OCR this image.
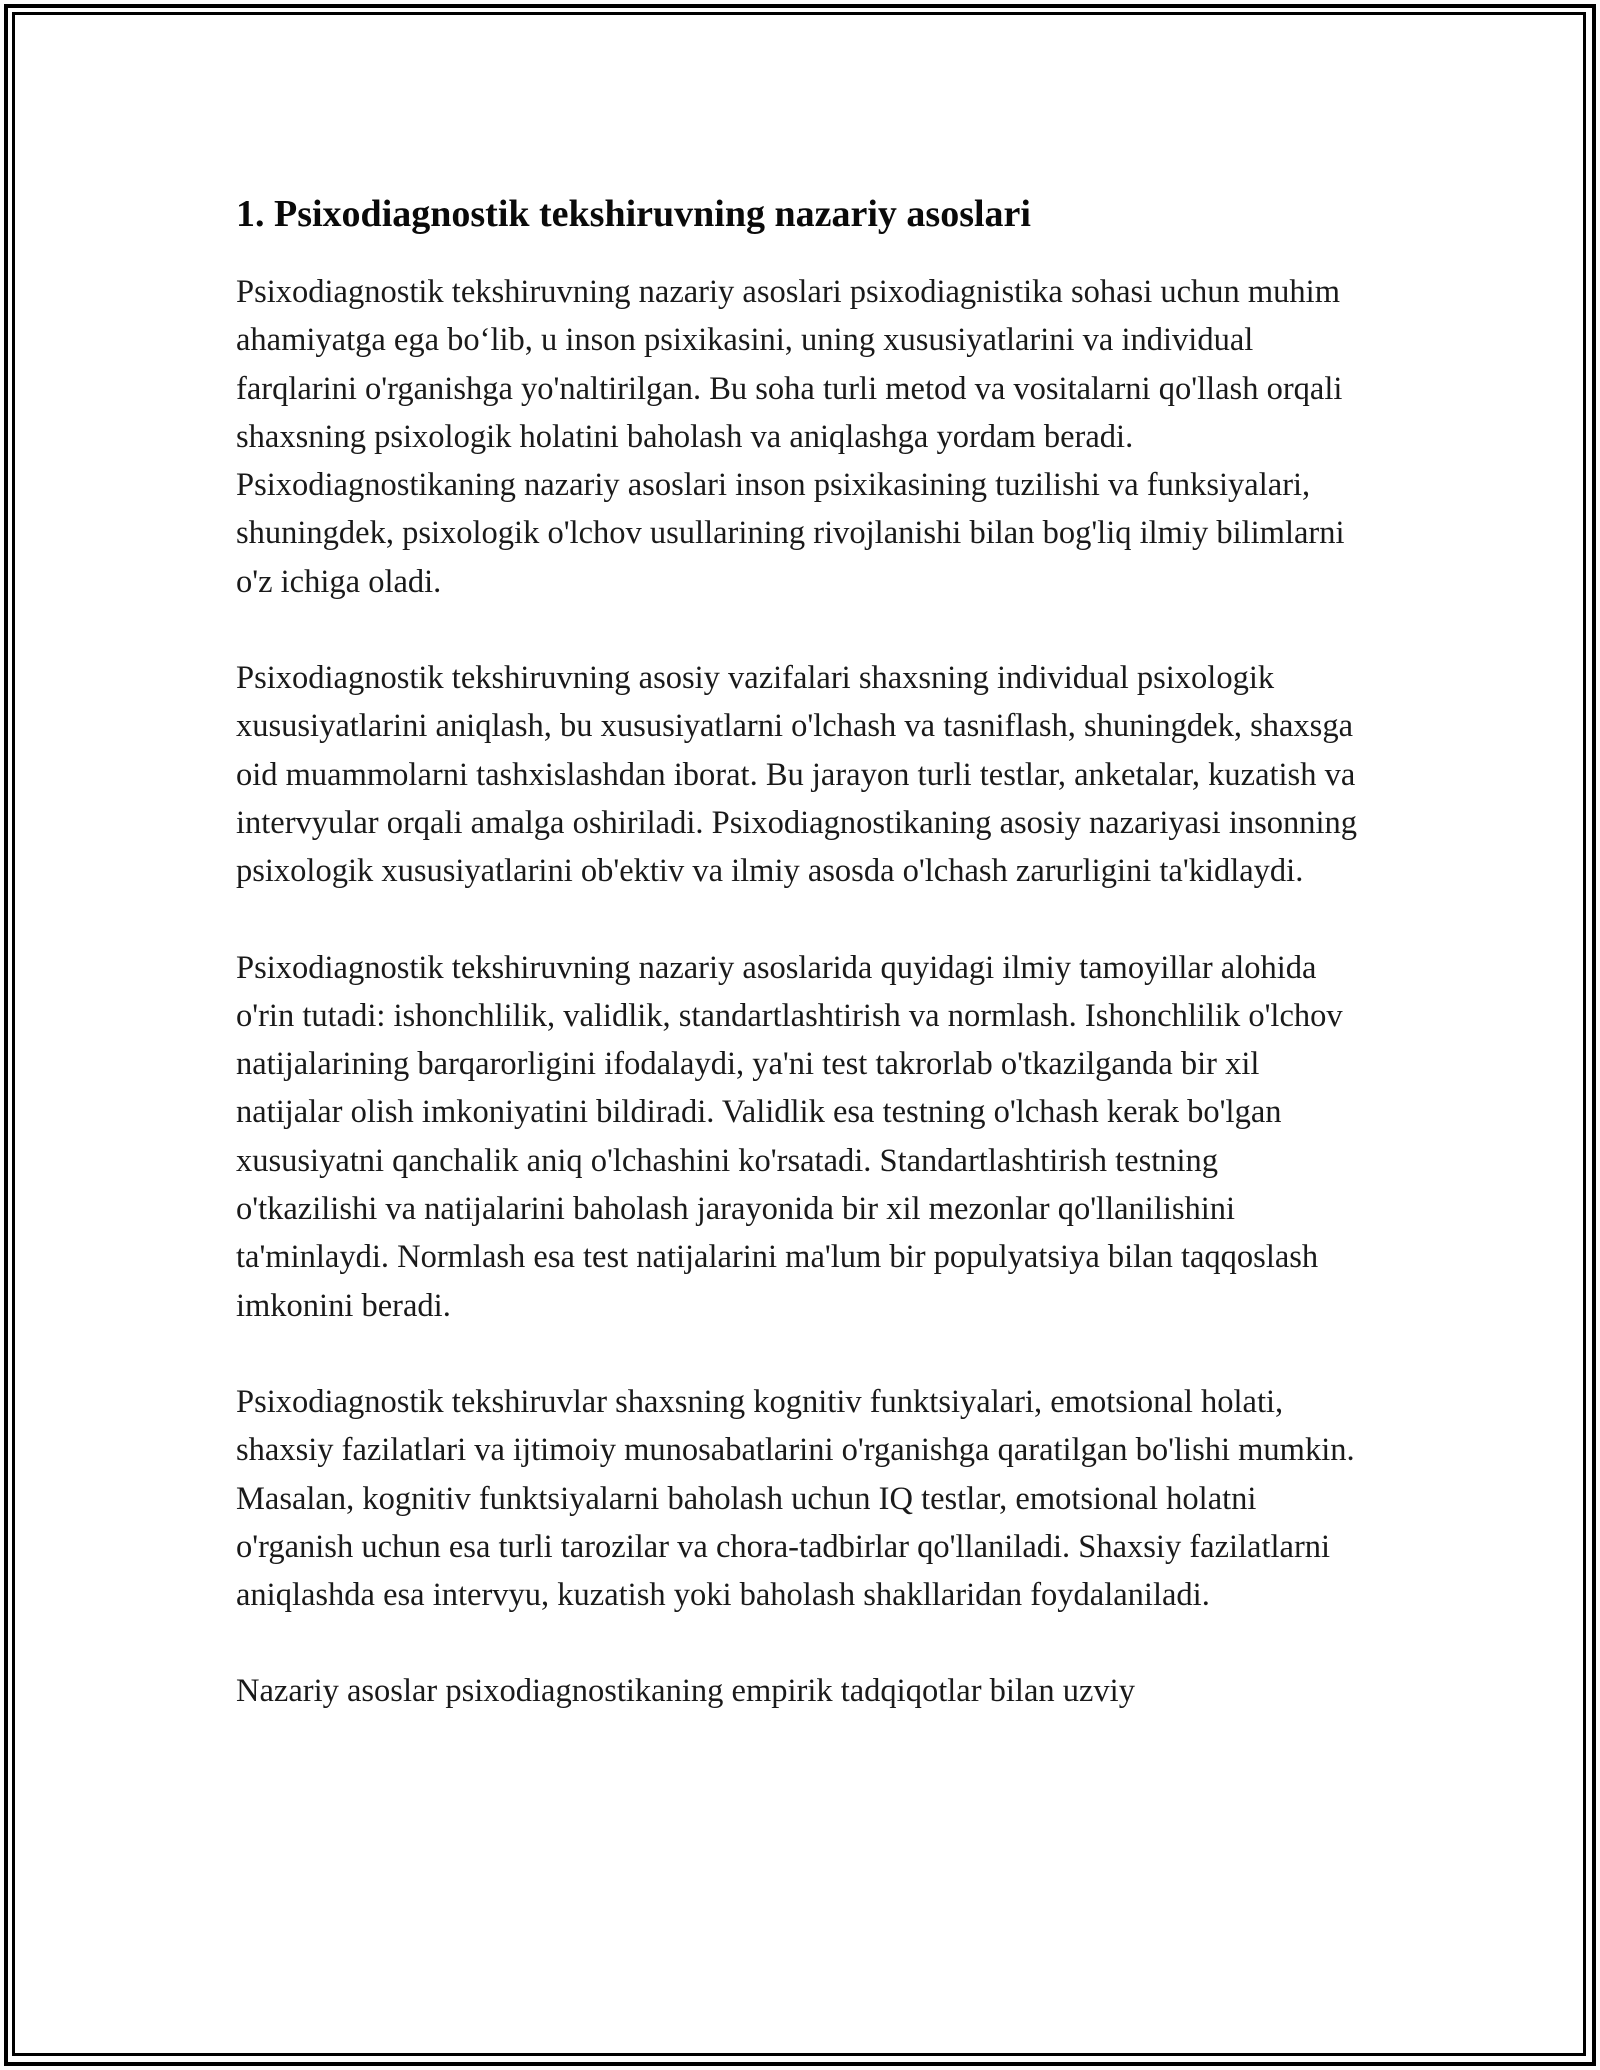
1. Psixodiagnostik tekshiruvning nazariy asoslari

Psixodiagnostik tekshiruvning nazariy asoslari psixodiagnistika sohasi uchun muhim ahamiyatga ega bo‘lib, u inson psixikasini, uning xususiyatlarini va individual farqlarini o'rganishga yo'naltirilgan. Bu soha turli metod va vositalarni qo'llash orqali shaxsning psixologik holatini baholash va aniqlashga yordam beradi. Psixodiagnostikaning nazariy asoslari inson psixikasining tuzilishi va funksiyalari, shuningdek, psixologik o'lchov usullarining rivojlanishi bilan bog'liq ilmiy bilimlarni o'z ichiga oladi.

Psixodiagnostik tekshiruvning asosiy vazifalari shaxsning individual psixologik xususiyatlarini aniqlash, bu xususiyatlarni o'lchash va tasniflash, shuningdek, shaxsga oid muammolarni tashxislashdan iborat. Bu jarayon turli testlar, anketalar, kuzatish va intervyular orqali amalga oshiriladi. Psixodiagnostikaning asosiy nazariyasi insonning psixologik xususiyatlarini ob'ektiv va ilmiy asosda o'lchash zarurligini ta'kidlaydi.

Psixodiagnostik tekshiruvning nazariy asoslarida quyidagi ilmiy tamoyillar alohida o'rin tutadi: ishonchlilik, validlik, standartlashtirish va normlash. Ishonchlilik o'lchov natijalarining barqarorligini ifodalaydi, ya'ni test takrorlab o'tkazilganda bir xil natijalar olish imkoniyatini bildiradi. Validlik esa testning o'lchash kerak bo'lgan xususiyatni qanchalik aniq o'lchashini ko'rsatadi. Standartlashtirish testning o'tkazilishi va natijalarini baholash jarayonida bir xil mezonlar qo'llanilishini ta'minlaydi. Normlash esa test natijalarini ma'lum bir populyatsiya bilan taqqoslash imkonini beradi.

Psixodiagnostik tekshiruvlar shaxsning kognitiv funktsiyalari, emotsional holati, shaxsiy fazilatlari va ijtimoiy munosabatlarini o'rganishga qaratilgan bo'lishi mumkin. Masalan, kognitiv funktsiyalarni baholash uchun IQ testlar, emotsional holatni o'rganish uchun esa turli tarozilar va chora-tadbirlar qo'llaniladi. Shaxsiy fazilatlarni aniqlashda esa intervyu, kuzatish yoki baholash shakllaridan foydalaniladi.

Nazariy asoslar psixodiagnostikaning empirik tadqiqotlar bilan uzviy
